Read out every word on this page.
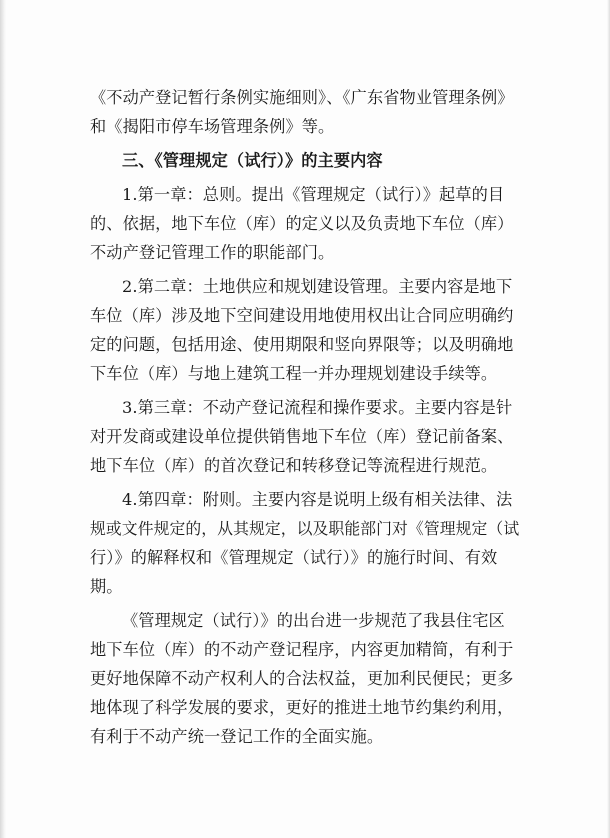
《不动产登记暂行条例实施细则》、《广东省物业管理条例》
和《揭阳市停车场管理条例》等。
三、《管理规定（试行）》的主要内容
1.第一章：总则。提出《管理规定（试行）》起草的目
的、依据，地下车位（库）的定义以及负责地下车位（库）
不动产登记管理工作的职能部门。
2.第二章：土地供应和规划建设管理。主要内容是地下
车位（库）涉及地下空间建设用地使用权出让合同应明确约
定的问题，包括用途、使用期限和竖向界限等；以及明确地
下车位（库）与地上建筑工程一并办理规划建设手续等。
3.第三章：不动产登记流程和操作要求。主要内容是针
对开发商或建设单位提供销售地下车位（库）登记前备案、
地下车位（库）的首次登记和转移登记等流程进行规范。
4.第四章：附则。主要内容是说明上级有相关法律、法
规或文件规定的，从其规定，以及职能部门对《管理规定（试
行）》的解释权和《管理规定（试行）》的施行时间、有效
期。
《管理规定（试行）》的出台进一步规范了我县住宅区
地下车位（库）的不动产登记程序，内容更加精简，有利于
更好地保障不动产权利人的合法权益，更加利民便民；更多
地体现了科学发展的要求，更好的推进土地节约集约利用，
有利于不动产统一登记工作的全面实施。
